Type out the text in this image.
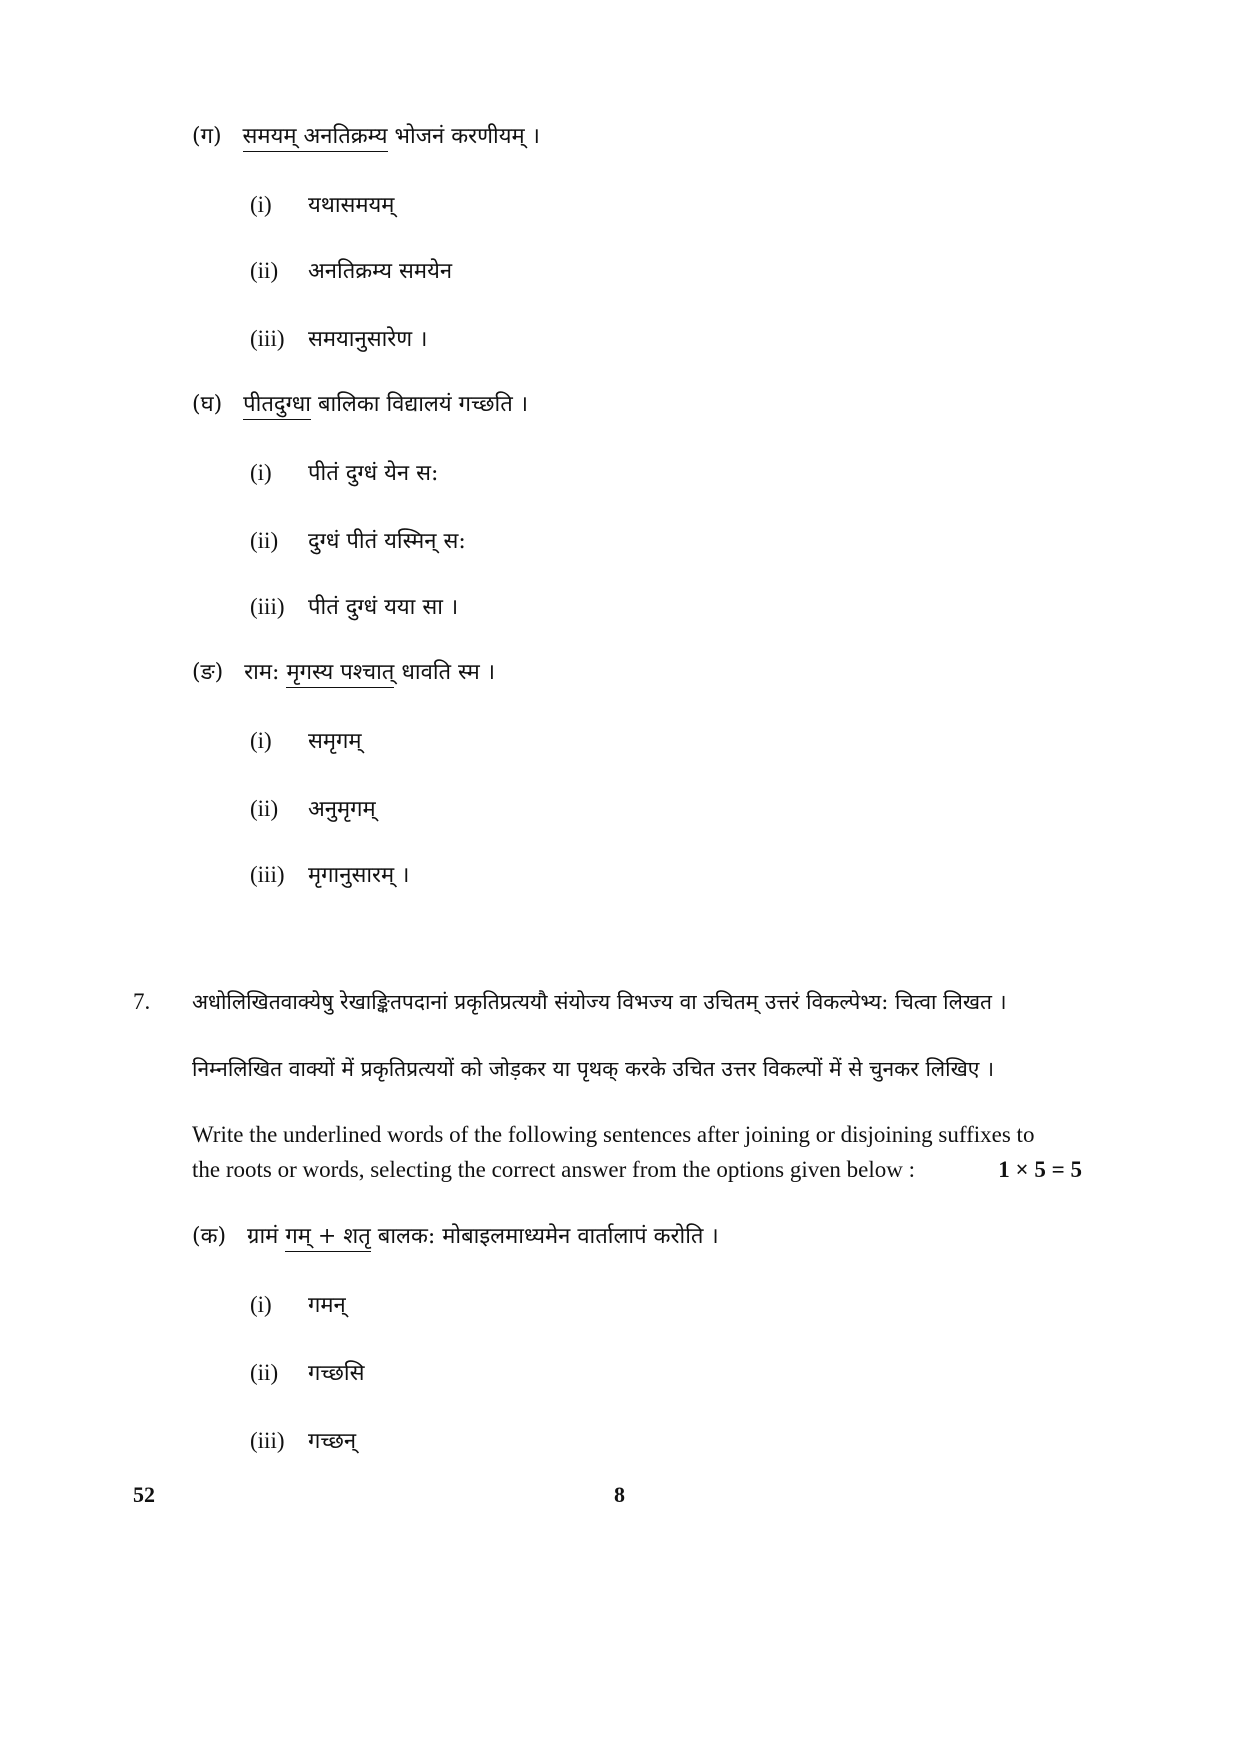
(ग) समयम् अनतिक्रम्य भोजनं करणीयम् ।
(i) यथासमयम्
(ii) अनतिक्रम्य समयेन
(iii) समयानुसारेण ।
(घ) पीतदुग्धा बालिका विद्यालयं गच्छति ।
(i) पीतं दुग्धं येन स:
(ii) दुग्धं पीतं यस्मिन् स:
(iii) पीतं दुग्धं यया सा ।
(ङ) राम: मृगस्य पश्चात् धावति स्म ।
(i) समृगम्
(ii) अनुमृगम्
(iii) मृगानुसारम् ।
7. अधोलिखितवाक्येषु रेखाङ्कितपदानां प्रकृतिप्रत्ययौ संयोज्य विभज्य वा उचितम् उत्तरं विकल्पेभ्य: चित्वा लिखत ।
निम्नलिखित वाक्यों में प्रकृतिप्रत्ययों को जोड़कर या पृथक् करके उचित उत्तर विकल्पों में से चुनकर लिखिए ।
Write the underlined words of the following sentences after joining or disjoining suffixes to
the roots or words, selecting the correct answer from the options given below :	1 × 5 = 5
(क) ग्रामं गम् + शतृ बालक: मोबाइलमाध्यमेन वार्तालापं करोति ।
(i) गमन्
(ii) गच्छसि
(iii) गच्छन्
52	8
